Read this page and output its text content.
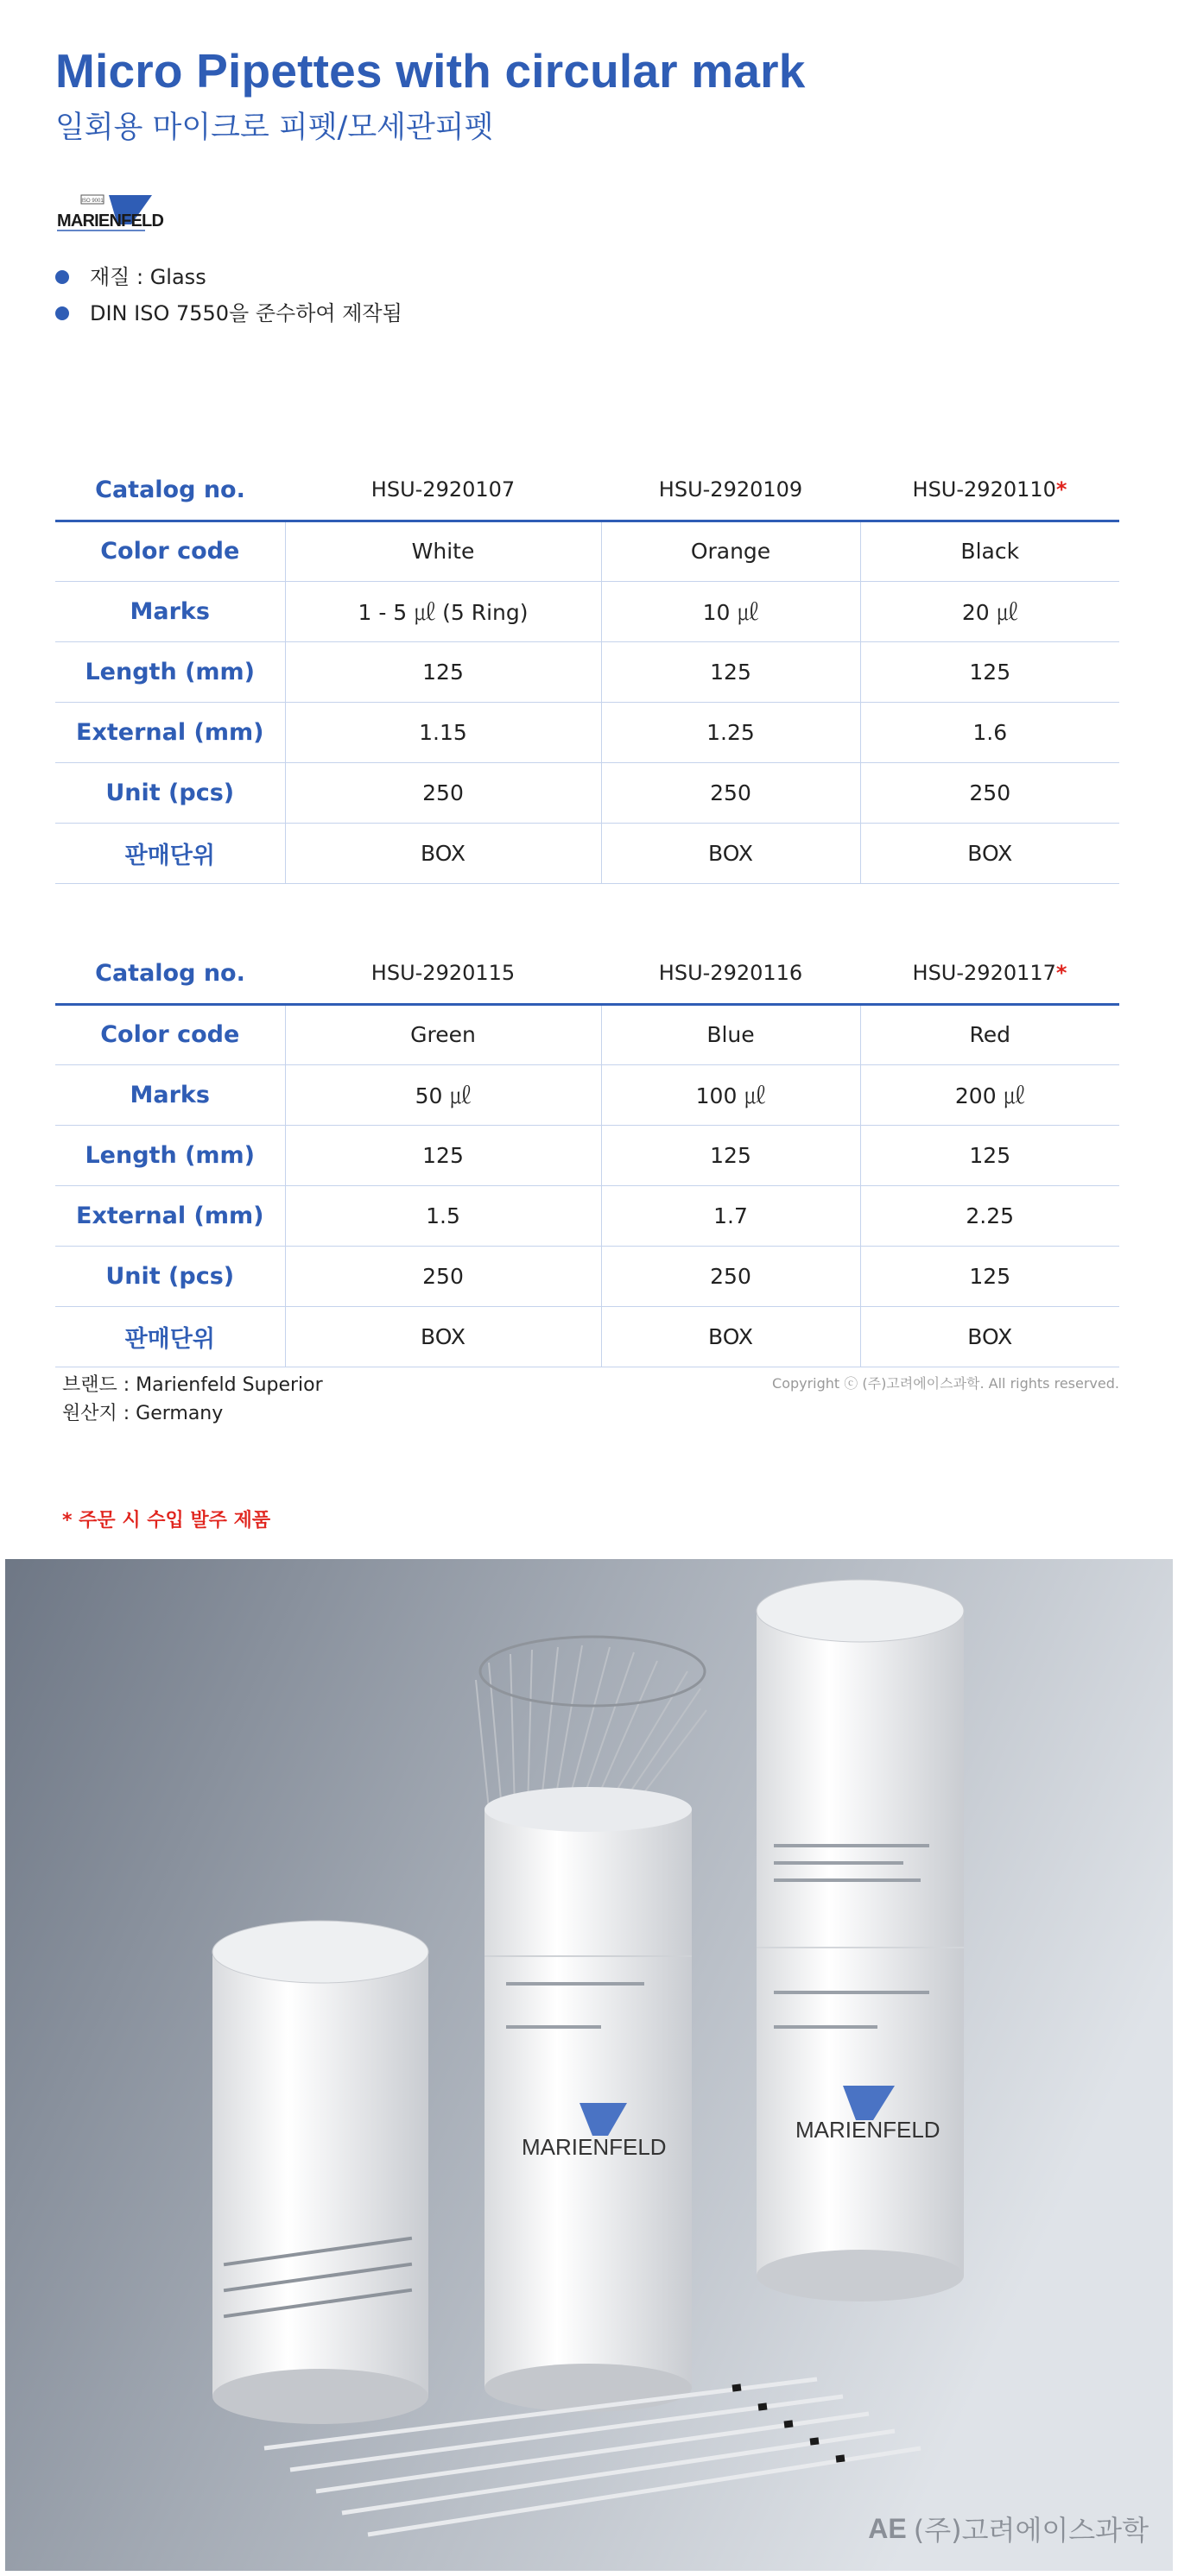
Micro Pipettes with circular mark
일회용 마이크로 피펫/모세관피펫
ISO 9001
MARIENFELD
재질 : Glass
DIN ISO 7550을 준수하여 제작됨
Catalog no.	HSU-2920107	HSU-2920109	HSU-2920110*
Color code	White	Orange	Black
Marks	1 - 5 ㎕ (5 Ring)	10 ㎕	20 ㎕
Length (mm)	125	125	125
External (mm)	1.15	1.25	1.6
Unit (pcs)	250	250	250
판매단위	BOX	BOX	BOX
Catalog no.	HSU-2920115	HSU-2920116	HSU-2920117*
Color code	Green	Blue	Red
Marks	50 ㎕	100 ㎕	200 ㎕
Length (mm)	125	125	125
External (mm)	1.5	1.7	2.25
Unit (pcs)	250	250	125
판매단위	BOX	BOX	BOX
브랜드 : Marienfeld Superior
원산지 : Germany
Copyright ⓒ (주)고려에이스과학. All rights reserved.
* 주문 시 수입 발주 제품
MARIENFELD
MARIENFELD
AE (주)고려에이스과학
